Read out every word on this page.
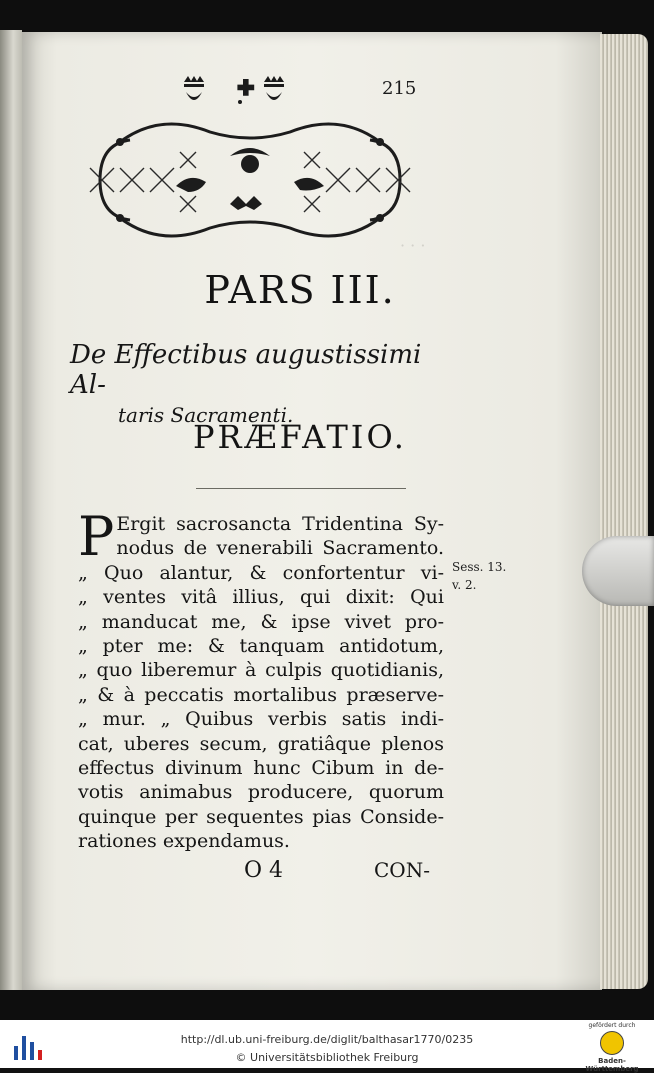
215
· · ·
PARS III.
De Effectibus augustissimi Al-
taris Sacramenti.
PRÆFATIO.
P Ergit sacrosancta Tridentina Sy-
nodus de venerabili Sacramento.
„ Quo alantur, & confortentur vi-
„ ventes vitâ illius, qui dixit: Qui
„ manducat me, & ipse vivet pro-
„ pter me: & tanquam antidotum,
„ quo liberemur à culpis quotidianis,
„ & à peccatis mortalibus præserve-
„ mur. „ Quibus verbis satis indi-
cat, uberes secum, gratiâque plenos
effectus divinum hunc Cibum in de-
votis animabus producere, quorum
quinque per sequentes pias Conside-
rationes expendamus.
Sess. 13.
v. 2.
O 4	CON-
http://dl.ub.uni-freiburg.de/diglit/balthasar1770/0235
© Universitätsbibliothek Freiburg
gefördert durch
Baden-Württemberg
